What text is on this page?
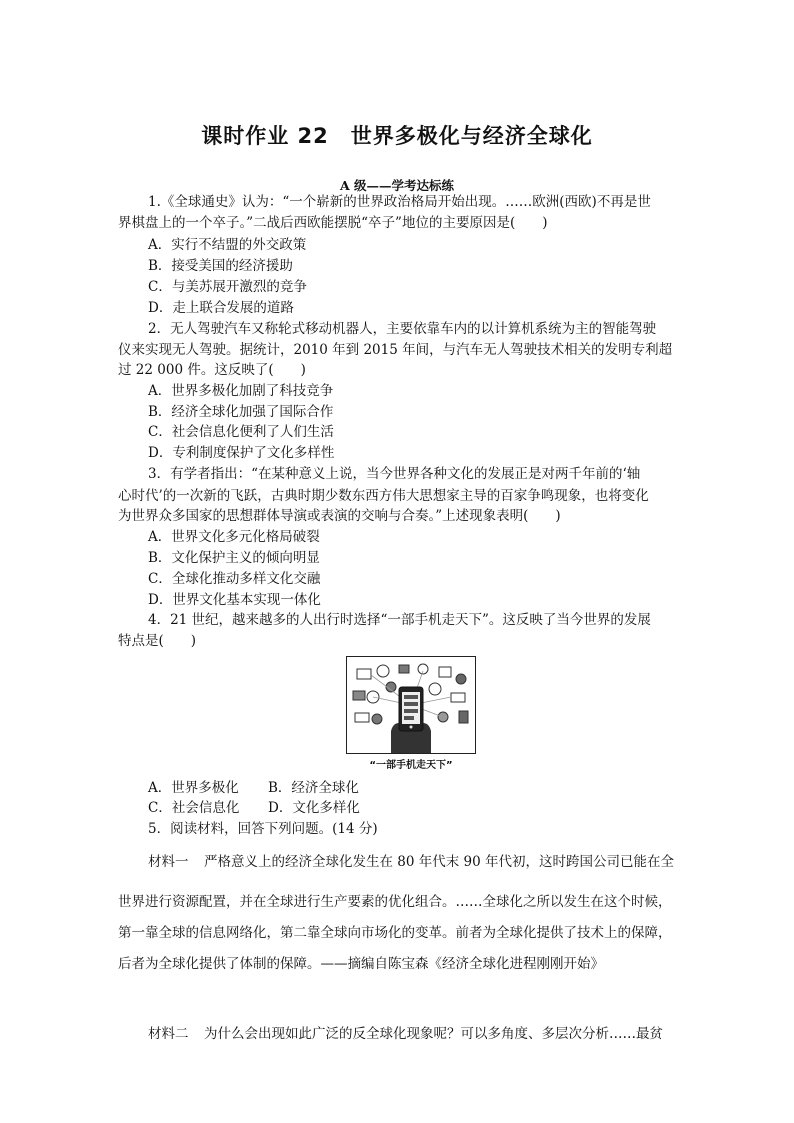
课时作业 22　世界多极化与经济全球化
A 级——学考达标练
1.《全球通史》认为：“一个崭新的世界政治格局开始出现。……欧洲(西欧)不再是世
界棋盘上的一个卒子。”二战后西欧能摆脱“卒子”地位的主要原因是(　　)
A．实行不结盟的外交政策
B．接受美国的经济援助
C．与美苏展开激烈的竞争
D．走上联合发展的道路
2．无人驾驶汽车又称轮式移动机器人，主要依靠车内的以计算机系统为主的智能驾驶
仪来实现无人驾驶。据统计，2010 年到 2015 年间，与汽车无人驾驶技术相关的发明专利超
过 22 000 件。这反映了(　　)
A．世界多极化加剧了科技竞争
B．经济全球化加强了国际合作
C．社会信息化便利了人们生活
D．专利制度保护了文化多样性
3．有学者指出：“在某种意义上说，当今世界各种文化的发展正是对两千年前的‘轴
心时代’的一次新的飞跃，古典时期少数东西方伟大思想家主导的百家争鸣现象，也将变化
为世界众多国家的思想群体导演或表演的交响与合奏。”上述现象表明(　　)
A．世界文化多元化格局破裂
B．文化保护主义的倾向明显
C．全球化推动多样文化交融
D．世界文化基本实现一体化
4．21 世纪，越来越多的人出行时选择“一部手机走天下”。这反映了当今世界的发展
特点是(　　)
“一部手机走天下”
A．世界多极化 B．经济全球化
C．社会信息化 D．文化多样化
5．阅读材料，回答下列问题。(14 分)
材料一 严格意义上的经济全球化发生在 80 年代末 90 年代初，这时跨国公司已能在全
世界进行资源配置，并在全球进行生产要素的优化组合。……全球化之所以发生在这个时候，
第一靠全球的信息网络化，第二靠全球向市场化的变革。前者为全球化提供了技术上的保障，
后者为全球化提供了体制的保障。——摘编自陈宝森《经济全球化进程刚刚开始》
材料二 为什么会出现如此广泛的反全球化现象呢？可以多角度、多层次分析……最贫
